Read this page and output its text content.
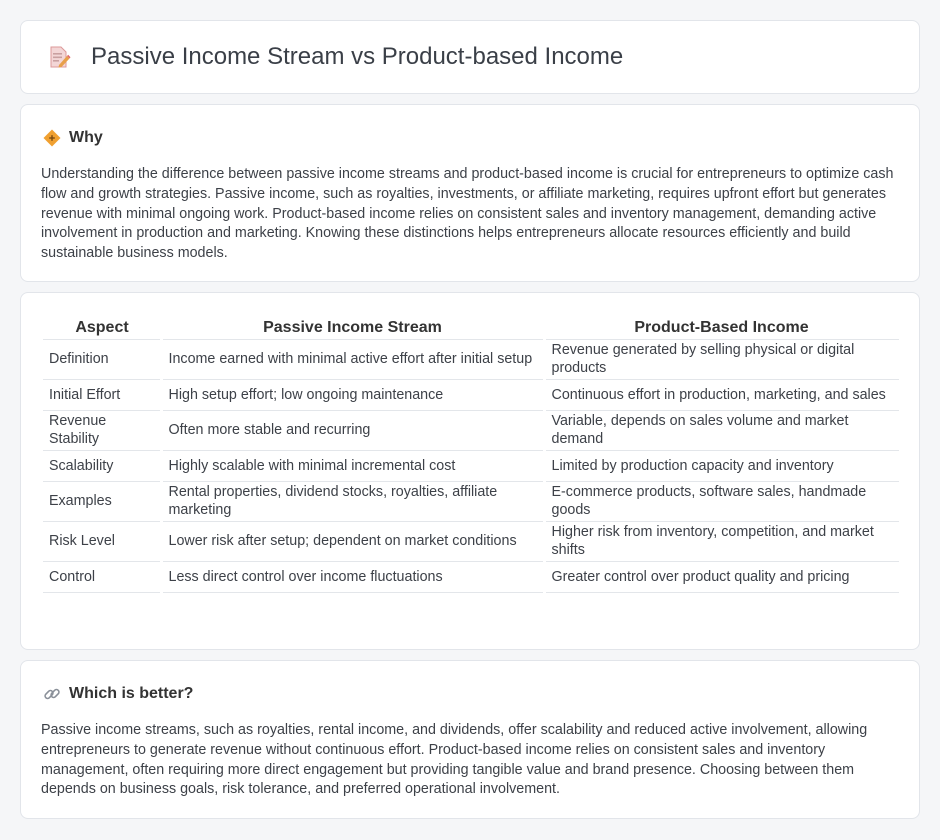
Passive Income Stream vs Product-based Income
Why

Understanding the difference between passive income streams and product-based income is crucial for entrepreneurs to optimize cash flow and growth strategies. Passive income, such as royalties, investments, or affiliate marketing, requires upfront effort but generates revenue with minimal ongoing work. Product-based income relies on consistent sales and inventory management, demanding active involvement in production and marketing. Knowing these distinctions helps entrepreneurs allocate resources efficiently and build sustainable business models.

Aspect	Passive Income Stream	Product-Based Income
Definition	Income earned with minimal active effort after initial setup	Revenue generated by selling physical or digital products
Initial Effort	High setup effort; low ongoing maintenance	Continuous effort in production, marketing, and sales
Revenue Stability	Often more stable and recurring	Variable, depends on sales volume and market demand
Scalability	Highly scalable with minimal incremental cost	Limited by production capacity and inventory
Examples	Rental properties, dividend stocks, royalties, affiliate marketing	E-commerce products, software sales, handmade goods
Risk Level	Lower risk after setup; dependent on market conditions	Higher risk from inventory, competition, and market shifts
Control	Less direct control over income fluctuations	Greater control over product quality and pricing
Which is better?

Passive income streams, such as royalties, rental income, and dividends, offer scalability and reduced active involvement, allowing entrepreneurs to generate revenue without continuous effort. Product-based income relies on consistent sales and inventory management, often requiring more direct engagement but providing tangible value and brand presence. Choosing between them depends on business goals, risk tolerance, and preferred operational involvement.
